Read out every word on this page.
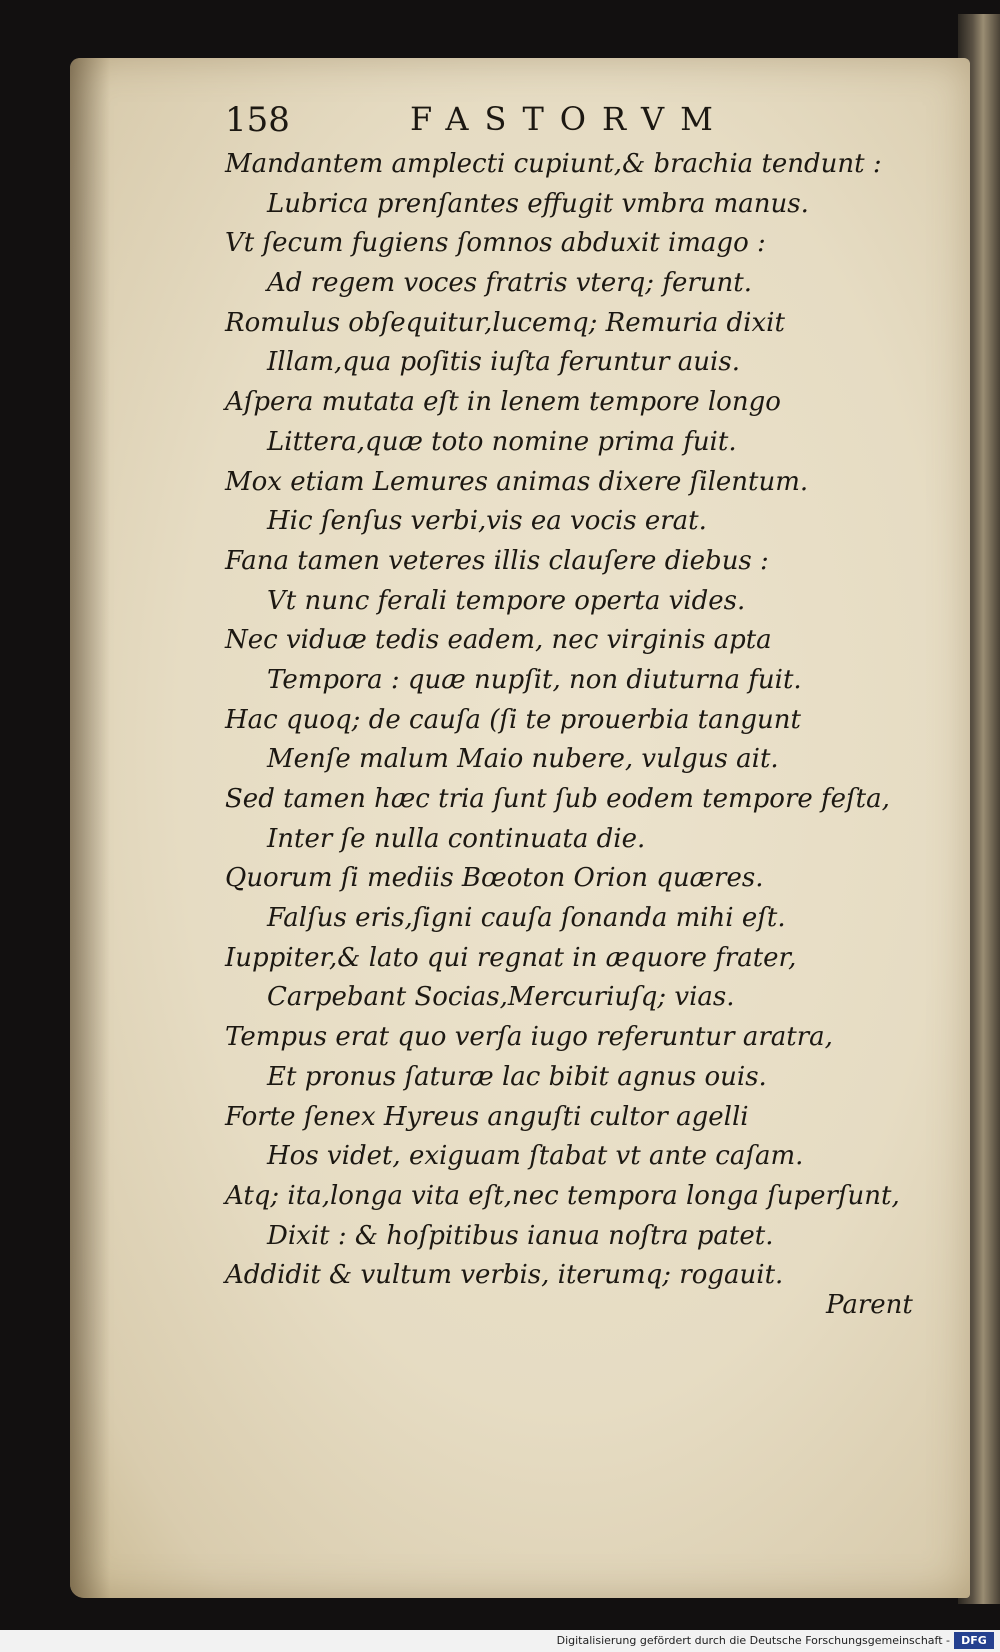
158	FASTORVM
Mandantem amplecti cupiunt,& brachia tendunt :
Lubrica prenſantes effugit vmbra manus.
Vt ſecum fugiens ſomnos abduxit imago :
Ad regem voces fratris vterq; ferunt.
Romulus obſequitur,lucemq; Remuria dixit
Illam,qua poſitis iuſta feruntur auis.
Aſpera mutata eſt in lenem tempore longo
Littera,quæ toto nomine prima fuit.
Mox etiam Lemures animas dixere ſilentum.
Hic ſenſus verbi,vis ea vocis erat.
Fana tamen veteres illis clauſere diebus :
Vt nunc ferali tempore operta vides.
Nec viduæ tedis eadem, nec virginis apta
Tempora : quæ nupſit, non diuturna fuit.
Hac quoq; de cauſa (ſi te prouerbia tangunt
Menſe malum Maio nubere, vulgus ait.
Sed tamen hæc tria ſunt ſub eodem tempore feſta,
Inter ſe nulla continuata die.
Quorum ſi mediis Bœoton Orion quæres.
Falſus eris,ſigni cauſa ſonanda mihi eſt.
Iuppiter,& lato qui regnat in æquore frater,
Carpebant Socias,Mercuriuſq; vias.
Tempus erat quo verſa iugo referuntur aratra,
Et pronus ſaturæ lac bibit agnus ouis.
Forte ſenex Hyreus anguſti cultor agelli
Hos videt, exiguam ſtabat vt ante caſam.
Atq; ita,longa vita eſt,nec tempora longa ſuperſunt,
Dixit : & hoſpitibus ianua noſtra patet.
Addidit & vultum verbis, iterumq; rogauit.
Parent
Digitalisierung gefördert durch die Deutsche Forschungsgemeinschaft -	DFG
